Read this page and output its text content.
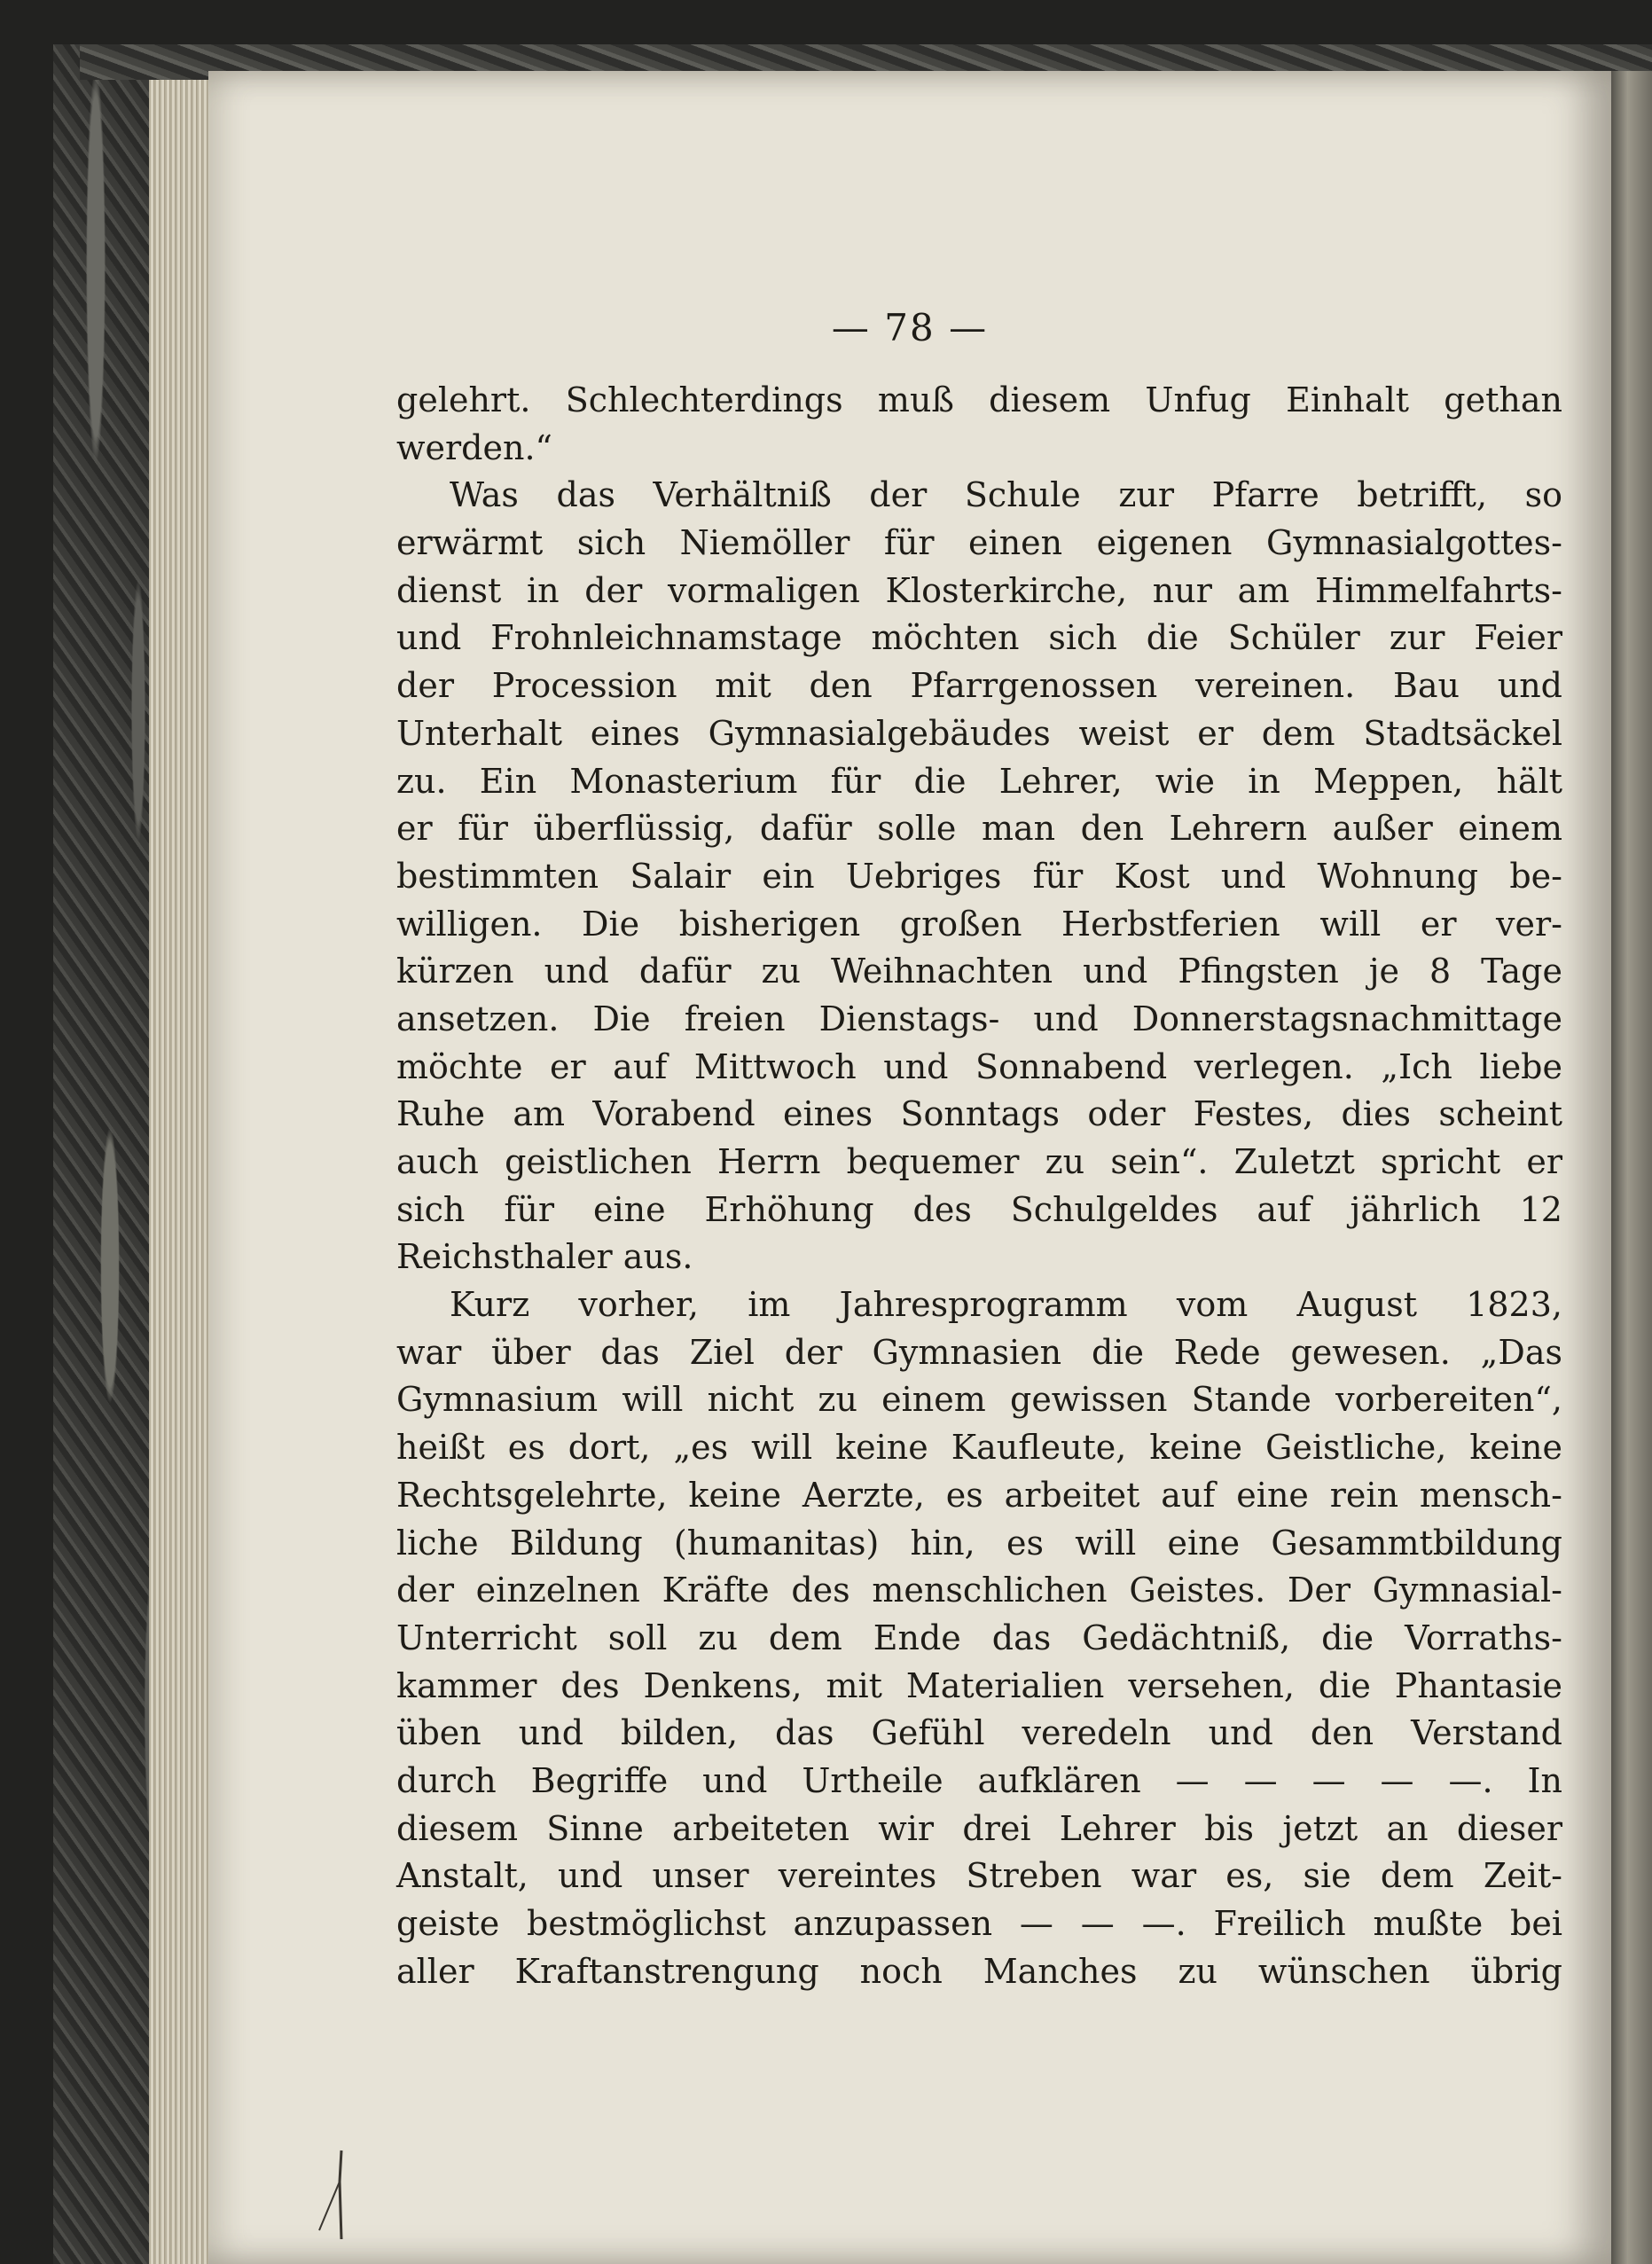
— 78 —
gelehrt. Schlechterdings muß diesem Unfug Einhalt gethan
werden.“
Was das Verhältniß der Schule zur Pfarre betrifft, so
erwärmt sich Niemöller für einen eigenen Gymnasialgottes-
dienst in der vormaligen Klosterkirche, nur am Himmelfahrts-
und Frohnleichnamstage möchten sich die Schüler zur Feier
der Procession mit den Pfarrgenossen vereinen. Bau und
Unterhalt eines Gymnasialgebäudes weist er dem Stadtsäckel
zu. Ein Monasterium für die Lehrer, wie in Meppen, hält
er für überflüssig, dafür solle man den Lehrern außer einem
bestimmten Salair ein Uebriges für Kost und Wohnung be-
willigen. Die bisherigen großen Herbstferien will er ver-
kürzen und dafür zu Weihnachten und Pfingsten je 8 Tage
ansetzen. Die freien Dienstags- und Donnerstagsnachmittage
möchte er auf Mittwoch und Sonnabend verlegen. „Ich liebe
Ruhe am Vorabend eines Sonntags oder Festes, dies scheint
auch geistlichen Herrn bequemer zu sein“. Zuletzt spricht er
sich für eine Erhöhung des Schulgeldes auf jährlich 12
Reichsthaler aus.
Kurz vorher, im Jahresprogramm vom August 1823,
war über das Ziel der Gymnasien die Rede gewesen. „Das
Gymnasium will nicht zu einem gewissen Stande vorbereiten“,
heißt es dort, „es will keine Kaufleute, keine Geistliche, keine
Rechtsgelehrte, keine Aerzte, es arbeitet auf eine rein mensch-
liche Bildung (humanitas) hin, es will eine Gesammtbildung
der einzelnen Kräfte des menschlichen Geistes. Der Gymnasial-
Unterricht soll zu dem Ende das Gedächtniß, die Vorraths-
kammer des Denkens, mit Materialien versehen, die Phantasie
üben und bilden, das Gefühl veredeln und den Verstand
durch Begriffe und Urtheile aufklären — — — — —. In
diesem Sinne arbeiteten wir drei Lehrer bis jetzt an dieser
Anstalt, und unser vereintes Streben war es, sie dem Zeit-
geiste bestmöglichst anzupassen — — —. Freilich mußte bei
aller Kraftanstrengung noch Manches zu wünschen übrig
